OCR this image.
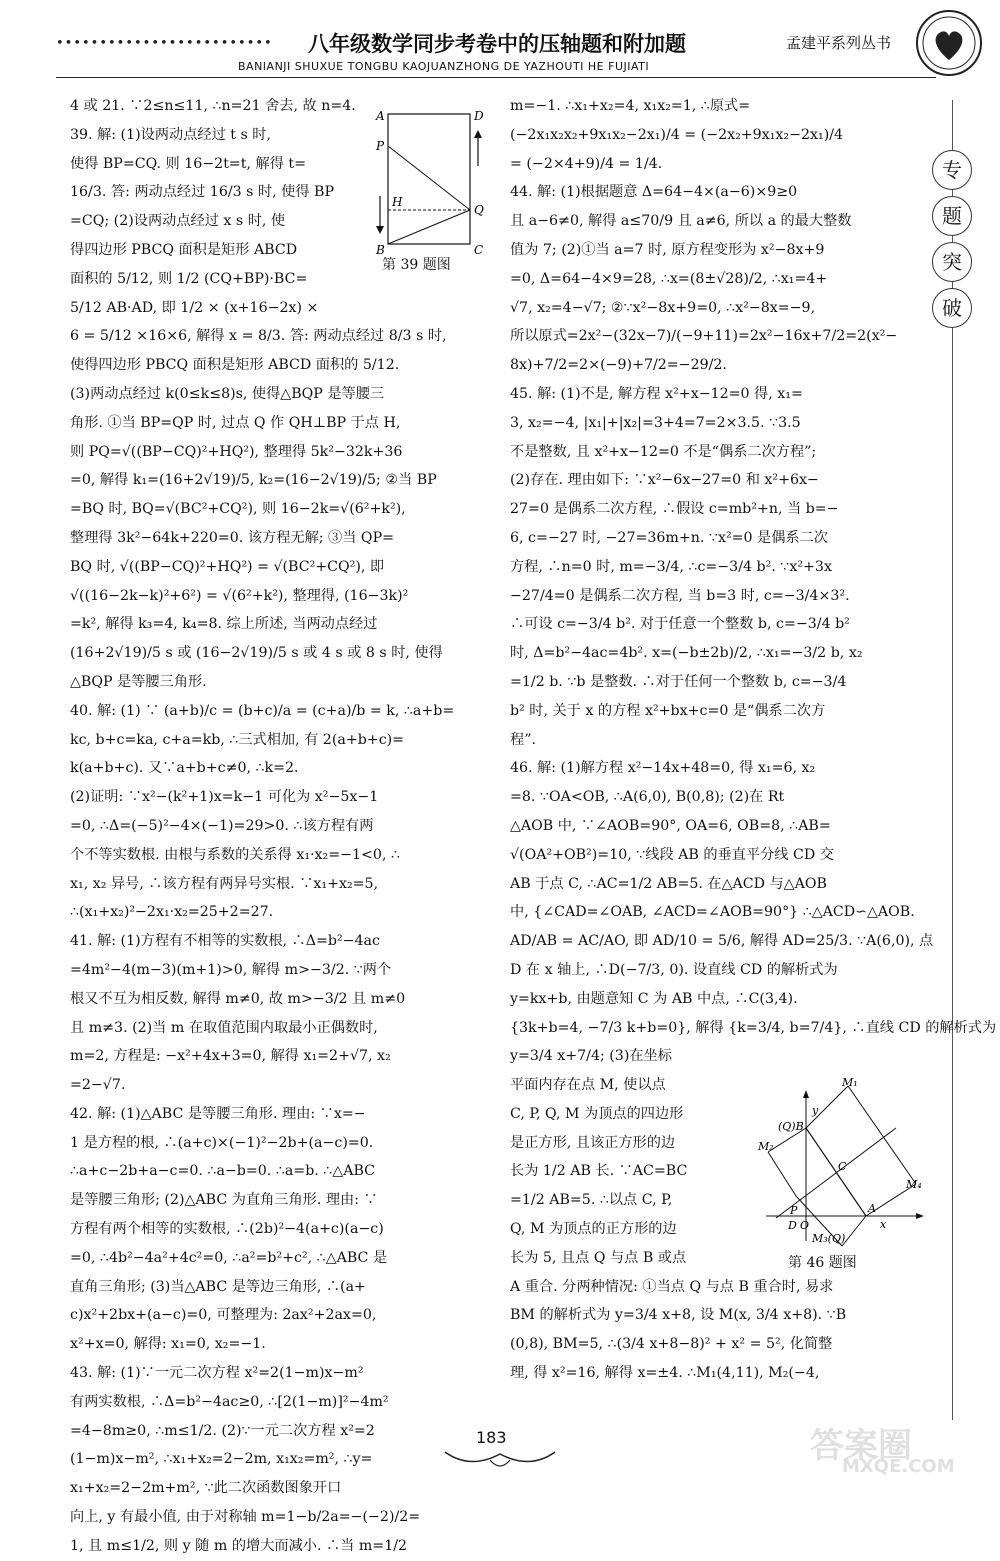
••••••••••••••••••••••••• 八年级数学同步考卷中的压轴题和附加题	孟建平系列丛书
BANIANJI SHUXUE TONGBU KAOJUANZHONG DE YAZHOUTI HE FUJIATI
专
题
突
破

4 或 21. ∵2≤n≤11, ∴n=21 舍去, 故 n=4.

39. 解: (1)设两动点经过 t s 时,

使得 BP=CQ. 则 16−2t=t, 解得 t=

16/3. 答: 两动点经过 16/3 s 时, 使得 BP

=CQ; (2)设两动点经过 x s 时, 使

得四边形 PBCQ 面积是矩形 ABCD

面积的 5/12, 则 1/2 (CQ+BP)·BC=

5/12 AB·AD, 即 1/2 × (x+16−2x) ×

6 = 5/12 ×16×6, 解得 x = 8/3. 答: 两动点经过 8/3 s 时,

使得四边形 PBCQ 面积是矩形 ABCD 面积的 5/12.

(3)两动点经过 k(0≤k≤8)s, 使得△BQP 是等腰三

角形. ①当 BP=QP 时, 过点 Q 作 QH⊥BP 于点 H,

则 PQ=√((BP−CQ)²+HQ²), 整理得 5k²−32k+36

=0, 解得 k₁=(16+2√19)/5, k₂=(16−2√19)/5; ②当 BP

=BQ 时, BQ=√(BC²+CQ²), 则 16−2k=√(6²+k²),

整理得 3k²−64k+220=0. 该方程无解; ③当 QP=

BQ 时, √((BP−CQ)²+HQ²) = √(BC²+CQ²), 即

√((16−2k−k)²+6²) = √(6²+k²), 整理得, (16−3k)²

=k², 解得 k₃=4, k₄=8. 综上所述, 当两动点经过

(16+2√19)/5 s 或 (16−2√19)/5 s 或 4 s 或 8 s 时, 使得

△BQP 是等腰三角形.

40. 解: (1) ∵ (a+b)/c = (b+c)/a = (c+a)/b = k, ∴a+b=

kc, b+c=ka, c+a=kb, ∴三式相加, 有 2(a+b+c)=

k(a+b+c). 又∵a+b+c≠0, ∴k=2.

(2)证明: ∵x²−(k²+1)x=k−1 可化为 x²−5x−1

=0, ∴Δ=(−5)²−4×(−1)=29>0. ∴该方程有两

个不等实数根. 由根与系数的关系得 x₁·x₂=−1<0, ∴

x₁, x₂ 异号, ∴该方程有两异号实根. ∵x₁+x₂=5,

∴(x₁+x₂)²−2x₁·x₂=25+2=27.

41. 解: (1)方程有不相等的实数根, ∴Δ=b²−4ac

=4m²−4(m−3)(m+1)>0, 解得 m>−3/2. ∵两个

根又不互为相反数, 解得 m≠0, 故 m>−3/2 且 m≠0

且 m≠3. (2)当 m 在取值范围内取最小正偶数时,

m=2, 方程是: −x²+4x+3=0, 解得 x₁=2+√7, x₂

=2−√7.

42. 解: (1)△ABC 是等腰三角形. 理由: ∵x=−

1 是方程的根, ∴(a+c)×(−1)²−2b+(a−c)=0.

∴a+c−2b+a−c=0. ∴a−b=0. ∴a=b. ∴△ABC

是等腰三角形; (2)△ABC 为直角三角形. 理由: ∵

方程有两个相等的实数根, ∴(2b)²−4(a+c)(a−c)

=0, ∴4b²−4a²+4c²=0, ∴a²=b²+c², ∴△ABC 是

直角三角形; (3)当△ABC 是等边三角形, ∴(a+

c)x²+2bx+(a−c)=0, 可整理为: 2ax²+2ax=0,

x²+x=0, 解得: x₁=0, x₂=−1.

43. 解: (1)∵一元二次方程 x²=2(1−m)x−m²

有两实数根, ∴Δ=b²−4ac≥0, ∴[2(1−m)]²−4m²

=4−8m≥0, ∴m≤1/2. (2)∵一元二次方程 x²=2

(1−m)x−m², ∴x₁+x₂=2−2m, x₁x₂=m², ∴y=

x₁+x₂=2−2m+m², ∵此二次函数图象开口

向上, y 有最小值, 由于对称轴 m=1−b/2a=−(−2)/2=

1, 且 m≤1/2, 则 y 随 m 的增大而减小. ∴当 m=1/2

A	D
P
H
Q
B	C
第 39 题图

m=−1. ∴x₁+x₂=4, x₁x₂=1, ∴原式=

(−2x₁x₂x₂+9x₁x₂−2x₁)/4 = (−2x₂+9x₁x₂−2x₁)/4

= (−2×4+9)/4 = 1/4.

44. 解: (1)根据题意 Δ=64−4×(a−6)×9≥0

且 a−6≠0, 解得 a≤70/9 且 a≠6, 所以 a 的最大整数

值为 7; (2)①当 a=7 时, 原方程变形为 x²−8x+9

=0, Δ=64−4×9=28, ∴x=(8±√28)/2, ∴x₁=4+

√7, x₂=4−√7; ②∵x²−8x+9=0, ∴x²−8x=−9,

所以原式=2x²−(32x−7)/(−9+11)=2x²−16x+7/2=2(x²−

8x)+7/2=2×(−9)+7/2=−29/2.

45. 解: (1)不是, 解方程 x²+x−12=0 得, x₁=

3, x₂=−4, |x₁|+|x₂|=3+4=7=2×3.5. ∵3.5

不是整数, 且 x²+x−12=0 不是“偶系二次方程”;

(2)存在. 理由如下: ∵x²−6x−27=0 和 x²+6x−

27=0 是偶系二次方程, ∴假设 c=mb²+n, 当 b=−

6, c=−27 时, −27=36m+n. ∵x²=0 是偶系二次

方程, ∴n=0 时, m=−3/4, ∴c=−3/4 b². ∵x²+3x

−27/4=0 是偶系二次方程, 当 b=3 时, c=−3/4×3².

∴可设 c=−3/4 b². 对于任意一个整数 b, c=−3/4 b²

时, Δ=b²−4ac=4b². x=(−b±2b)/2, ∴x₁=−3/2 b, x₂

=1/2 b. ∵b 是整数. ∴对于任何一个整数 b, c=−3/4

b² 时, 关于 x 的方程 x²+bx+c=0 是“偶系二次方

程”.

46. 解: (1)解方程 x²−14x+48=0, 得 x₁=6, x₂

=8. ∵OA<OB, ∴A(6,0), B(0,8); (2)在 Rt

△AOB 中, ∵∠AOB=90°, OA=6, OB=8, ∴AB=

√(OA²+OB²)=10, ∵线段 AB 的垂直平分线 CD 交

AB 于点 C, ∴AC=1/2 AB=5. 在△ACD 与△AOB

中, {∠CAD=∠OAB, ∠ACD=∠AOB=90°} ∴△ACD∽△AOB.

AD/AB = AC/AO, 即 AD/10 = 5/6, 解得 AD=25/3. ∵A(6,0), 点

D 在 x 轴上, ∴D(−7/3, 0). 设直线 CD 的解析式为

y=kx+b, 由题意知 C 为 AB 中点, ∴C(3,4).

{3k+b=4, −7/3 k+b=0}, 解得 {k=3/4, b=7/4}, ∴直线 CD 的解析式为

y=3/4 x+7/4; (3)在坐标

平面内存在点 M, 使以点

C, P, Q, M 为顶点的四边形

是正方形, 且该正方形的边

长为 1/2 AB 长. ∵AC=BC

=1/2 AB=5. ∴以点 C, P,

Q, M 为顶点的正方形的边

长为 5, 且点 Q 与点 B 或点

A 重合. 分两种情况: ①当点 Q 与点 B 重合时, 易求

BM 的解析式为 y=3/4 x+8, 设 M(x, 3/4 x+8). ∵B

(0,8), BM=5, ∴(3/4 x+8−8)² + x² = 5², 化简整

理, 得 x²=16, 解得 x=±4. ∴M₁(4,11), M₂(−4,

M₁
(Q)B
y
M₂
C
M₄
P
D O
A
x
M₃(Q)
第 46 题图
183	答案圈
MXQE.COM
